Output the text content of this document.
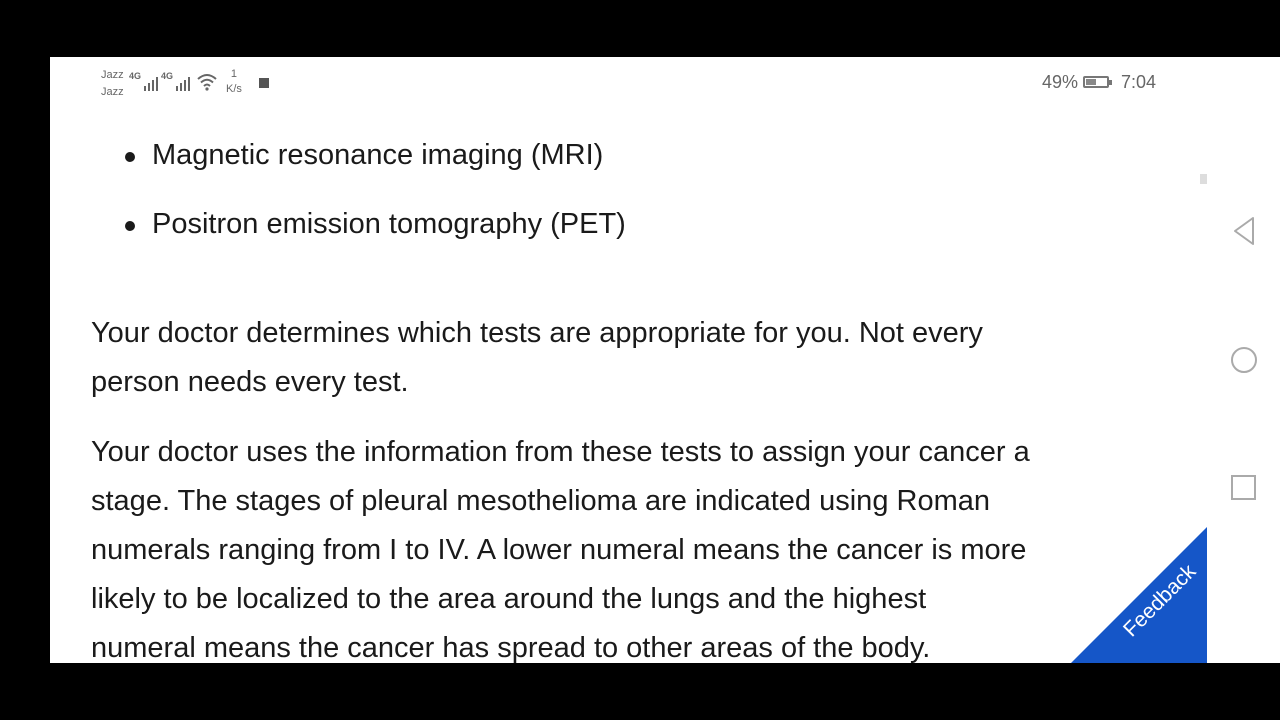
Jazz
Jazz
4G 4G	1
K/s	49% 7:04
Magnetic resonance imaging (MRI)
Positron emission tomography (PET)

Your doctor determines which tests are appropriate for you. Not every
person needs every test.

Your doctor uses the information from these tests to assign your cancer a
stage. The stages of pleural mesothelioma are indicated using Roman
numerals ranging from I to IV. A lower numeral means the cancer is more
likely to be localized to the area around the lungs and the highest
numeral means the cancer has spread to other areas of the body.

Feedback
